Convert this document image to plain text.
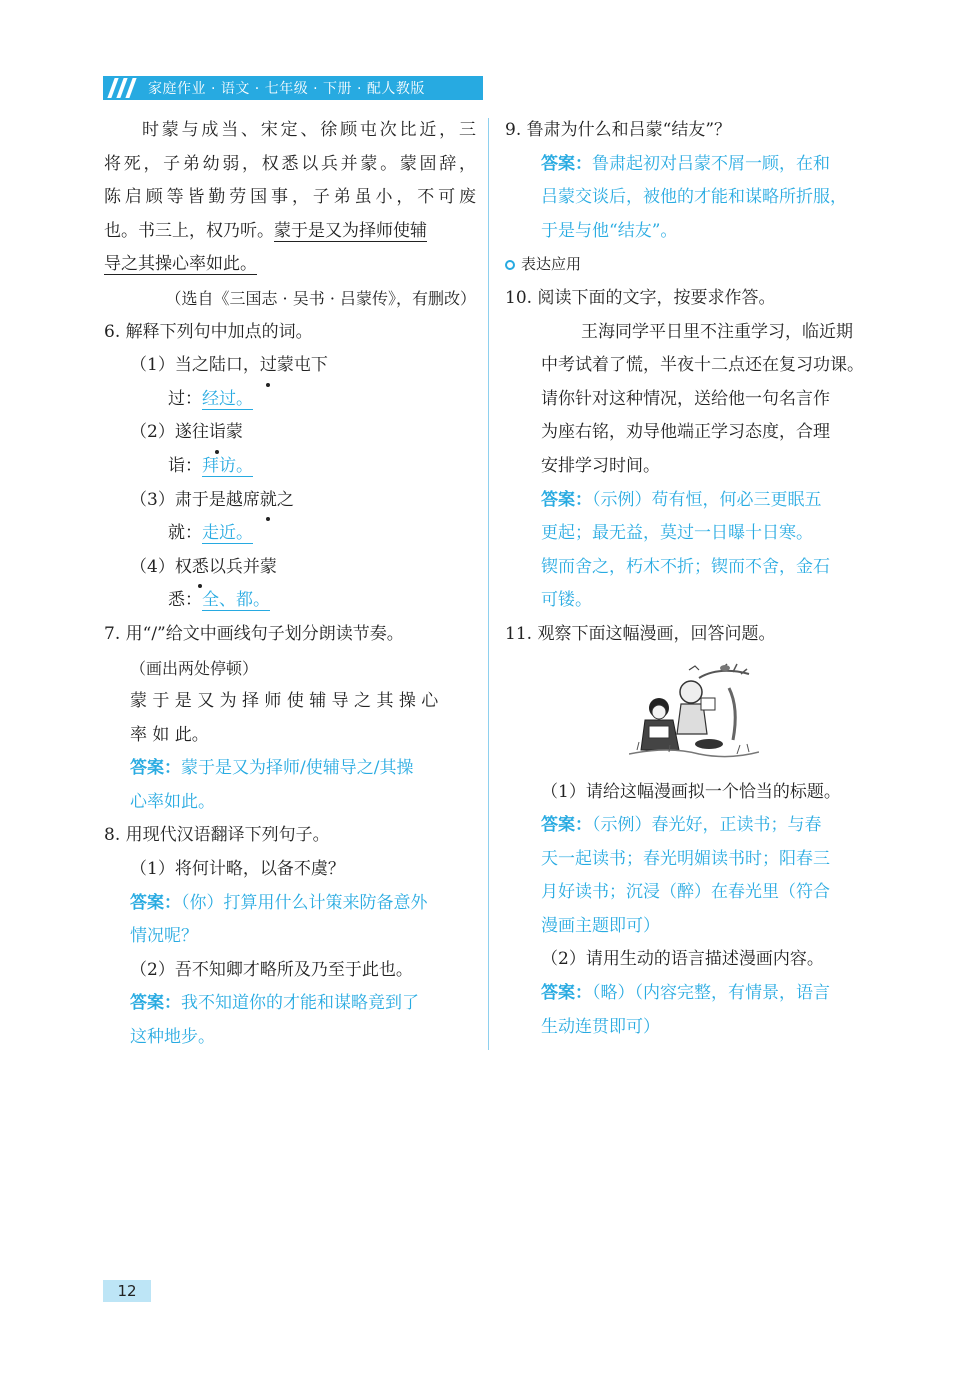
家庭作业 · 语文 · 七年级 · 下册 · 配人教版
时蒙与成当、宋定、徐顾屯次比近，三
将死，子弟幼弱，权悉以兵并蒙。蒙固辞，
陈启顾等皆勤劳国事，子弟虽小，不可废
也。书三上，权乃听。蒙于是又为择师使辅
导之其操心率如此。
（选自《三国志 · 吴书 · 吕蒙传》，有删改）
6. 解释下列句中加点的词。
（1）当之陆口，过蒙屯下
过：经过。
（2）遂往诣蒙
诣：拜访。
（3）肃于是越席就之
就：走近。
（4）权悉以兵并蒙
悉：全、都。
7. 用“/”给文中画线句子划分朗读节奏。
（画出两处停顿）
蒙 于 是 又 为 择 师 使 辅 导 之 其 操 心
率 如 此。
答案：蒙于是又为择师/使辅导之/其操
心率如此。
8. 用现代汉语翻译下列句子。
（1）将何计略，以备不虞？
答案：（你）打算用什么计策来防备意外
情况呢？
（2）吾不知卿才略所及乃至于此也。
答案：我不知道你的才能和谋略竟到了
这种地步。
9. 鲁肃为什么和吕蒙“结友”？
答案：鲁肃起初对吕蒙不屑一顾，在和
吕蒙交谈后，被他的才能和谋略所折服，
于是与他“结友”。
表达应用
10. 阅读下面的文字，按要求作答。
王海同学平日里不注重学习，临近期
中考试着了慌，半夜十二点还在复习功课。
请你针对这种情况，送给他一句名言作
为座右铭，劝导他端正学习态度，合理
安排学习时间。
答案：（示例）苟有恒，何必三更眠五
更起；最无益，莫过一日曝十日寒。
锲而舍之，朽木不折；锲而不舍，金石
可镂。
11. 观察下面这幅漫画，回答问题。
（1）请给这幅漫画拟一个恰当的标题。
答案：（示例）春光好，正读书；与春
天一起读书；春光明媚读书时；阳春三
月好读书；沉浸（醉）在春光里（符合
漫画主题即可）
（2）请用生动的语言描述漫画内容。
答案：（略）（内容完整，有情景，语言
生动连贯即可）
12
